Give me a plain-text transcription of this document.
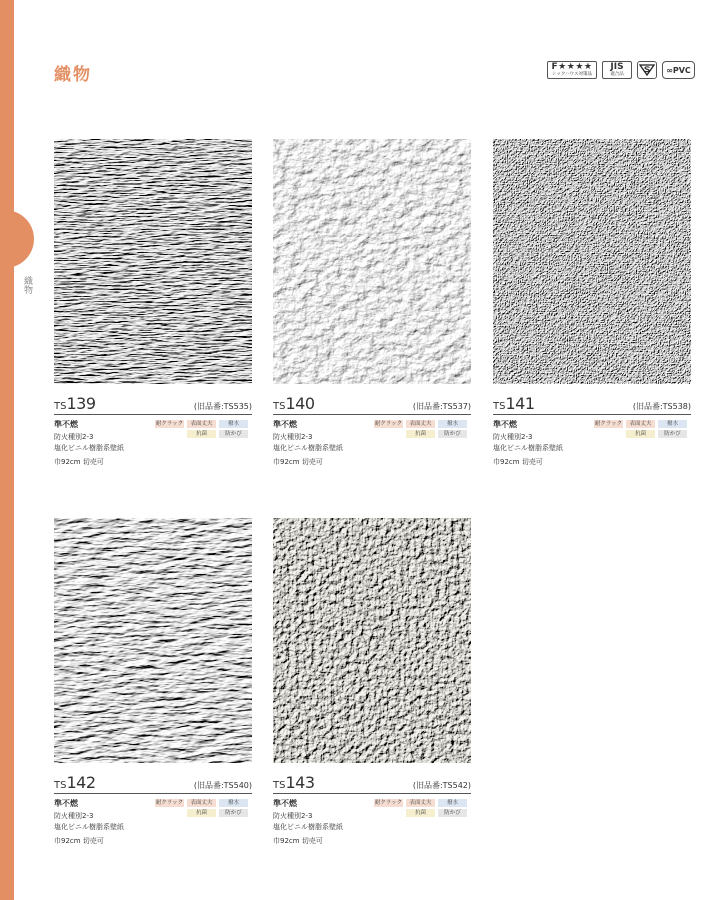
織物
織物	F★★★★
シックハウス対策品
JIS
適合品	∞PVC
TS139	(旧品番:TS535)
準不燃
防火種別2-3
塩化ビニル樹脂系壁紙
巾92cm 切売可
耐クラック	表面丈夫	撥水
抗菌	防かび
TS140	(旧品番:TS537)
準不燃
防火種別2-3
塩化ビニル樹脂系壁紙
巾92cm 切売可
耐クラック	表面丈夫	撥水
抗菌	防かび
TS141	(旧品番:TS538)
準不燃
防火種別2-3
塩化ビニル樹脂系壁紙
巾92cm 切売可
耐クラック	表面丈夫	撥水
抗菌	防かび
TS142	(旧品番:TS540)
準不燃
防火種別2-3
塩化ビニル樹脂系壁紙
巾92cm 切売可
耐クラック	表面丈夫	撥水
抗菌	防かび
TS143	(旧品番:TS542)
準不燃
防火種別2-3
塩化ビニル樹脂系壁紙
巾92cm 切売可
耐クラック	表面丈夫	撥水
抗菌	防かび
